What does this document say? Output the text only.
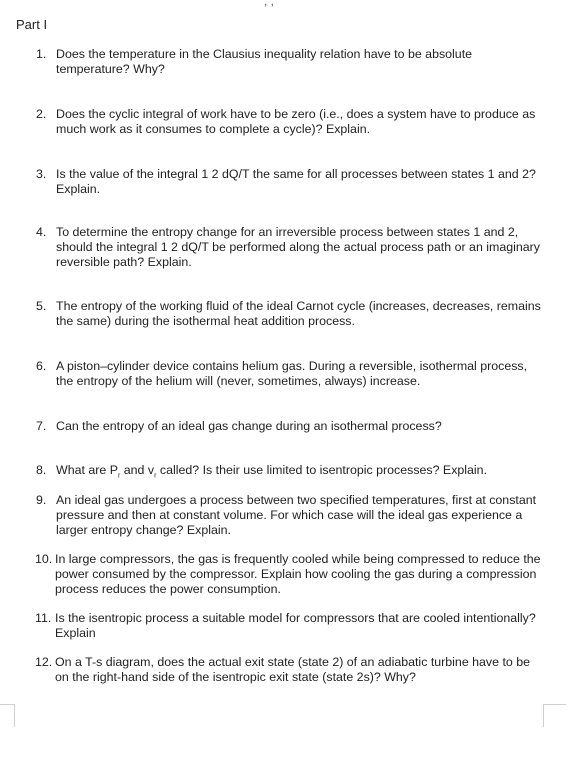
, ,
Part I
1. Does the temperature in the Clausius inequality relation have to be absolute temperature? Why?
2. Does the cyclic integral of work have to be zero (i.e., does a system have to produce as much work as it consumes to complete a cycle)? Explain.
3. Is the value of the integral 1 2 dQ/T the same for all processes between states 1 and 2? Explain.
4. To determine the entropy change for an irreversible process between states 1 and 2, should the integral 1 2 dQ/T be performed along the actual process path or an imaginary reversible path? Explain.
5. The entropy of the working fluid of the ideal Carnot cycle (increases, decreases, remains the same) during the isothermal heat addition process.
6. A piston–cylinder device contains helium gas. During a reversible, isothermal process, the entropy of the helium will (never, sometimes, always) increase.
7. Can the entropy of an ideal gas change during an isothermal process?
8. What are $P_r$ and $v_r$ called? Is their use limited to isentropic processes? Explain.
9. An ideal gas undergoes a process between two specified temperatures, first at constant pressure and then at constant volume. For which case will the ideal gas experience a larger entropy change? Explain.
10. In large compressors, the gas is frequently cooled while being compressed to reduce the power consumed by the compressor. Explain how cooling the gas during a compression process reduces the power consumption.
11. Is the isentropic process a suitable model for compressors that are cooled intentionally? Explain
12. On a T-s diagram, does the actual exit state (state 2) of an adiabatic turbine have to be on the right-hand side of the isentropic exit state (state 2s)? Why?
